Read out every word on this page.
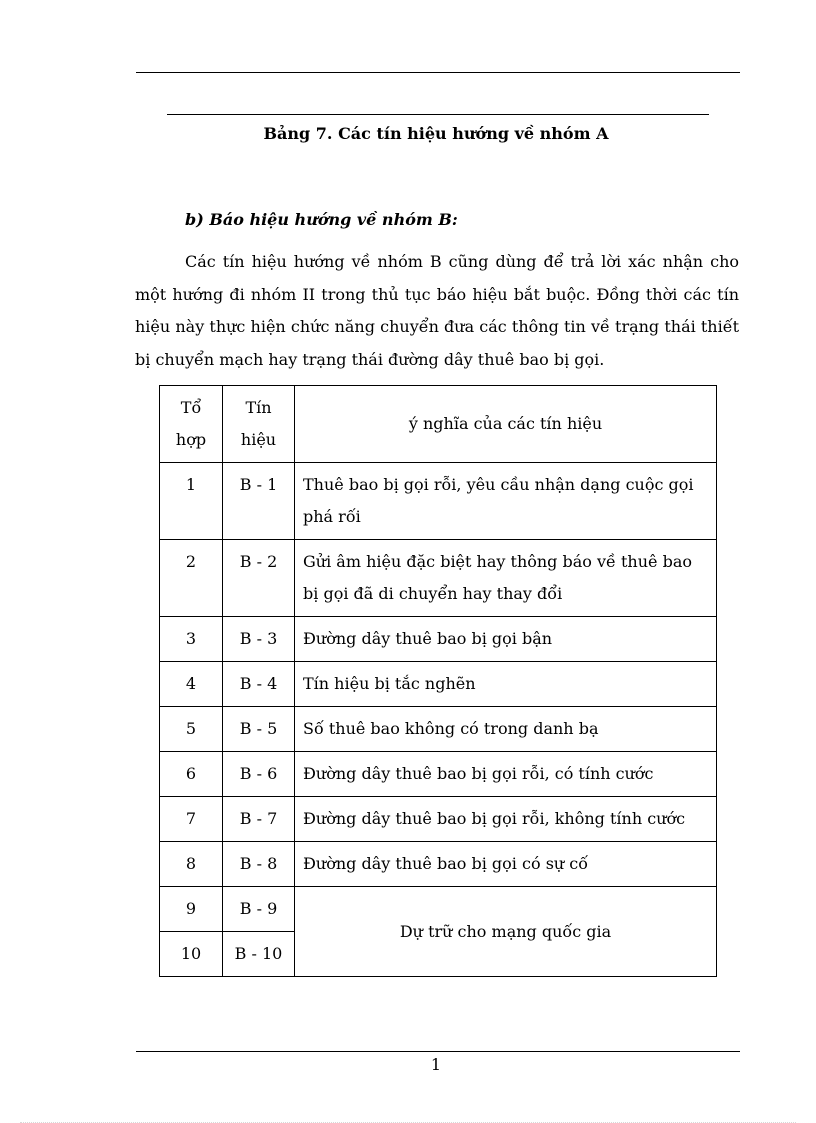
Bảng 7. Các tín hiệu hướng về nhóm A
b) Báo hiệu hướng về nhóm B:

Các tín hiệu hướng về nhóm B cũng dùng để trả lời xác nhận cho một hướng đi nhóm II trong thủ tục báo hiệu bắt buộc. Đồng thời các tín hiệu này thực hiện chức năng chuyển đưa các thông tin về trạng thái thiết bị chuyển mạch hay trạng thái đường dây thuê bao bị gọi.

Tổ hợp	Tín hiệu	ý nghĩa của các tín hiệu
1	B - 1	Thuê bao bị gọi rỗi, yêu cầu nhận dạng cuộc gọi phá rối
2	B - 2	Gửi âm hiệu đặc biệt hay thông báo về thuê bao bị gọi đã di chuyển hay thay đổi
3	B - 3	Đường dây thuê bao bị gọi bận
4	B - 4	Tín hiệu bị tắc nghẽn
5	B - 5	Số thuê bao không có trong danh bạ
6	B - 6	Đường dây thuê bao bị gọi rỗi, có tính cước
7	B - 7	Đường dây thuê bao bị gọi rỗi, không tính cước
8	B - 8	Đường dây thuê bao bị gọi có sự cố
9	B - 9	Dự trữ cho mạng quốc gia
10	B - 10	
1
